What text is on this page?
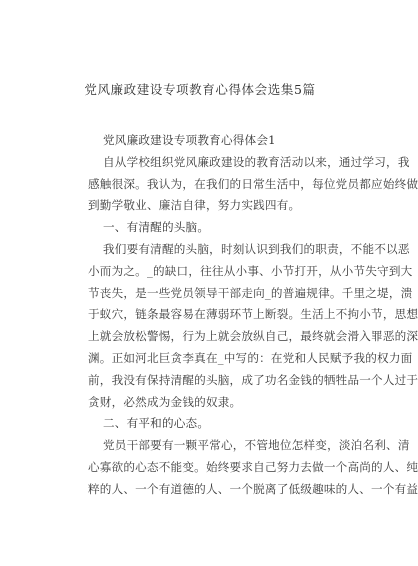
党风廉政建设专项教育心得体会选集5篇
党风廉政建设专项教育心得体会1
自从学校组织党风廉政建设的教育活动以来，通过学习，我
感触很深。我认为，在我们的日常生活中，每位党员都应始终做
到勤学敬业、廉洁自律，努力实践四有。
一、有清醒的头脑。
我们要有清醒的头脑，时刻认识到我们的职责，不能不以恶
小而为之。_的缺口，往往从小事、小节打开，从小节失守到大
节丧失，是一些党员领导干部走向_的普遍规律。千里之堤，溃
于蚁穴，链条最容易在薄弱环节上断裂。生活上不拘小节，思想
上就会放松警惕，行为上就会放纵自己，最终就会滑入罪恶的深
渊。正如河北巨贪李真在_中写的：在党和人民赋予我的权力面
前，我没有保持清醒的头脑，成了功名金钱的牺牲品一个人过于
贪财，必然成为金钱的奴隶。
二、有平和的心态。
党员干部要有一颗平常心，不管地位怎样变，淡泊名利、清
心寡欲的心态不能变。始终要求自己努力去做一个高尚的人、纯
粹的人、一个有道德的人、一个脱离了低级趣味的人、一个有益
